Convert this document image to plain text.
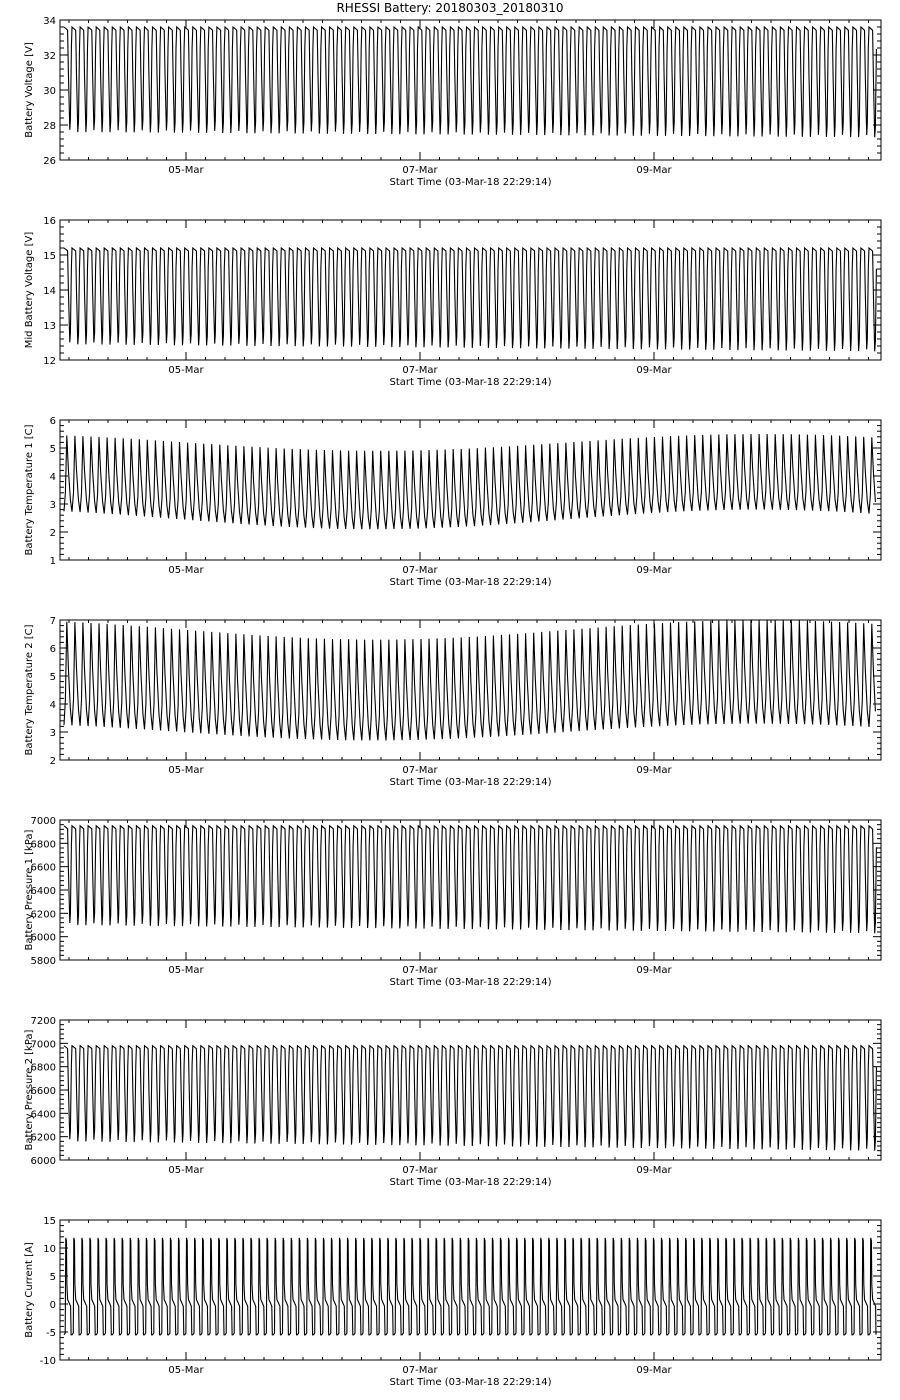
RHESSI Battery: 20180303_20180310
05-Mar	07-Mar	09-Mar
Start Time (03-Mar-18 22:29:14)
26
28
30
32
34
Battery Voltage [V]
05-Mar	07-Mar	09-Mar
Start Time (03-Mar-18 22:29:14)
12
13
14
15
16
Mid Battery Voltage [V]
05-Mar	07-Mar	09-Mar
Start Time (03-Mar-18 22:29:14)
1
2
3
4
5
6
Battery Temperature 1 [C]
05-Mar	07-Mar	09-Mar
Start Time (03-Mar-18 22:29:14)
2
3
4
5
6
7
Battery Temperature 2 [C]
05-Mar	07-Mar	09-Mar
Start Time (03-Mar-18 22:29:14)
5800
6000
6200
6400
6600
6800
7000
Battery Pressure 1 [kPa]
05-Mar	07-Mar	09-Mar
Start Time (03-Mar-18 22:29:14)
6000
6200
6400
6600
6800
7000
7200
Battery Pressure 2 [kPa]
05-Mar	07-Mar	09-Mar
Start Time (03-Mar-18 22:29:14)
-10
-5
0
5
10
15
Battery Current [A]
